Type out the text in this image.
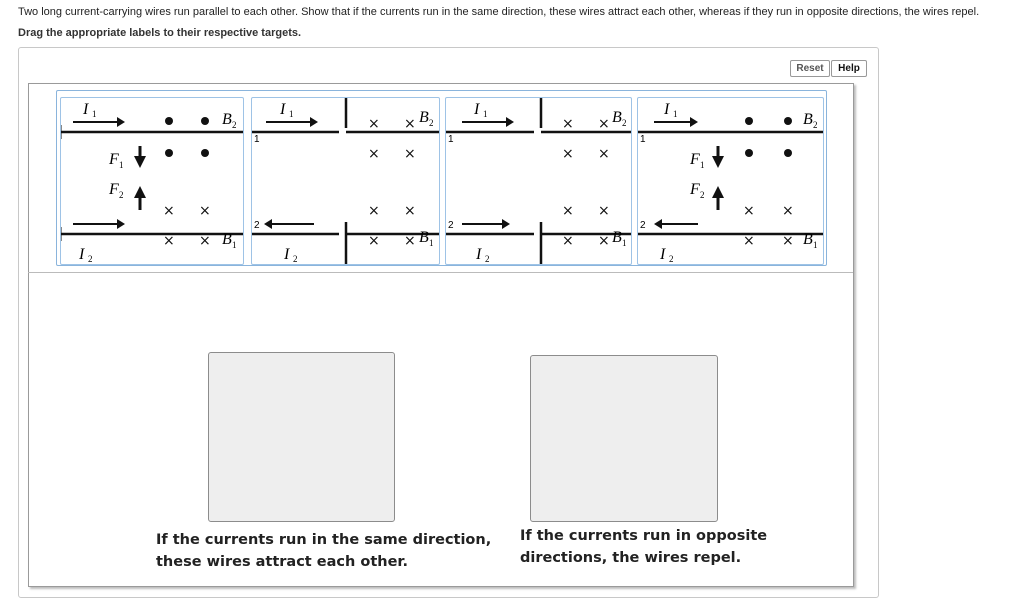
Two long current-carrying wires run parallel to each other. Show that if the currents run in the same direction, these wires attract each other, whereas if they run in opposite directions, the wires repel.
Drag the appropriate labels to their respective targets.
Reset	Help
I 1
I 2
F 1
F 2
× ×
× ×
B 2
B 1
1
2
I 1
I 2
× ×
× ×
× ×
× ×
B 2
B 1
1
2
I 1
I 2
× ×
× ×
× ×
× ×
B 2
B 1
1
2
I 1
I 2
F 1
F 2
× ×
× ×
B 2
B 1
If the currents run in the same direction,
these wires attract each other.
If the currents run in opposite
directions, the wires repel.
